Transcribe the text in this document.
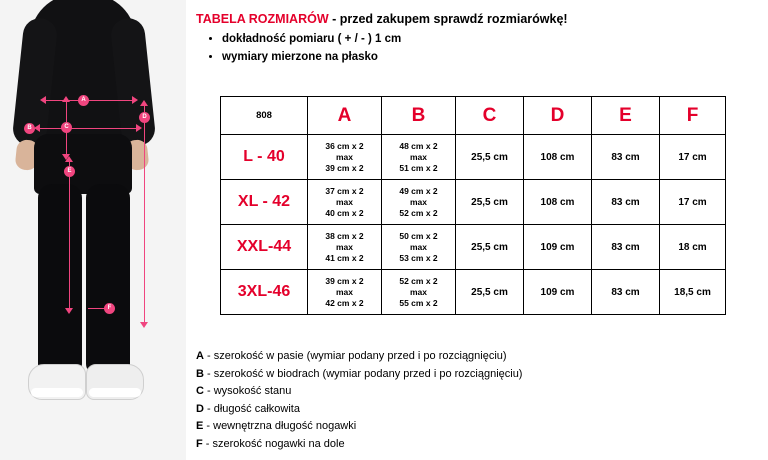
A
B	C
D
E
F
TABELA ROZMIARÓW - przed zakupem sprawdź rozmiarówkę!
• dokładność pomiaru ( + / - ) 1 cm
• wymiary mierzone na płasko
808	A	B	C	D	E	F
L - 40	36 cm x 2
max
39 cm x 2	48 cm x 2
max
51 cm x 2	25,5 cm	108 cm	83 cm	17 cm
XL - 42	37 cm x 2
max
40 cm x 2	49 cm x 2
max
52 cm x 2	25,5 cm	108 cm	83 cm	17 cm
XXL-44	38 cm x 2
max
41 cm x 2	50 cm x 2
max
53 cm x 2	25,5 cm	109 cm	83 cm	18 cm
3XL-46	39 cm x 2
max
42 cm x 2	52 cm x 2
max
55 cm x 2	25,5 cm	109 cm	83 cm	18,5 cm
A - szerokość w pasie (wymiar podany przed i po rozciągnięciu)
B - szerokość w biodrach (wymiar podany przed i po rozciągnięciu)
C - wysokość stanu
D - długość całkowita
E - wewnętrzna długość nogawki
F - szerokość nogawki na dole
